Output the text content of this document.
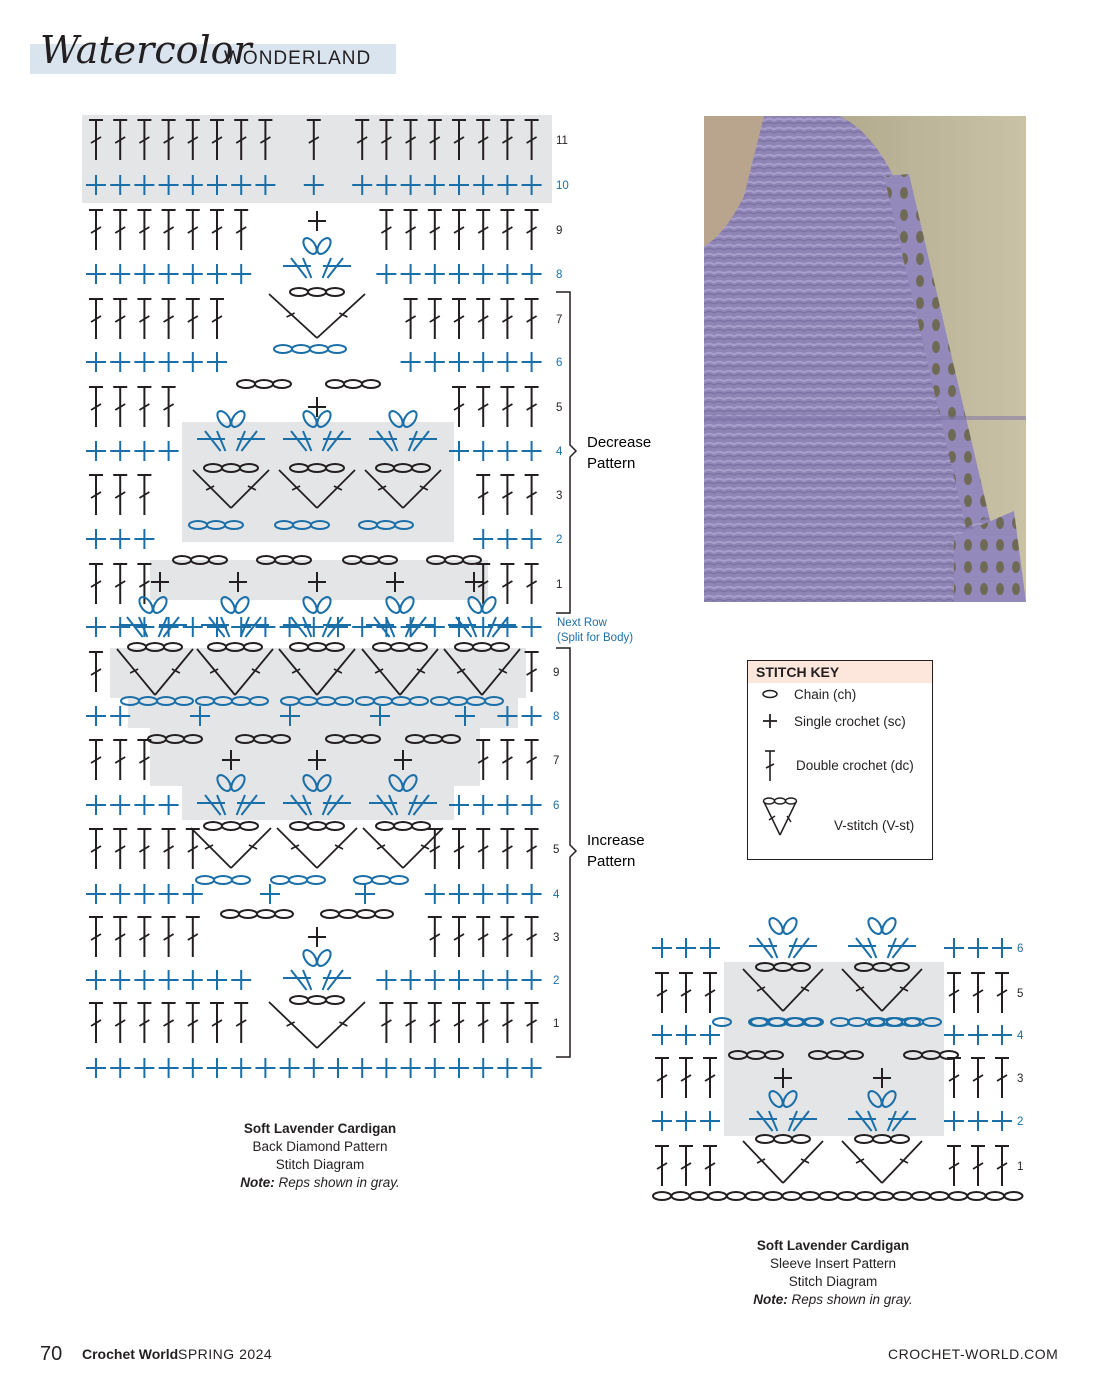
Watercolor
WONDERLAND
11
10
9
8
7
6
5
4
3
2
1
9
8
7
6
5
4
3
2
1
Decrease
Pattern
Increase
Pattern
Next Row
(Split for Body)
6
5
4
3
2
1
Soft Lavender Cardigan
Back Diamond Pattern
Stitch Diagram
Note: Reps shown in gray.
Soft Lavender Cardigan
Sleeve Insert Pattern
Stitch Diagram
Note: Reps shown in gray.
STITCH KEY
Chain (ch)
Single crochet (sc)
Double crochet (dc)
V-stitch (V-st)
70 Crochet World SPRING 2024	CROCHET-WORLD.COM
